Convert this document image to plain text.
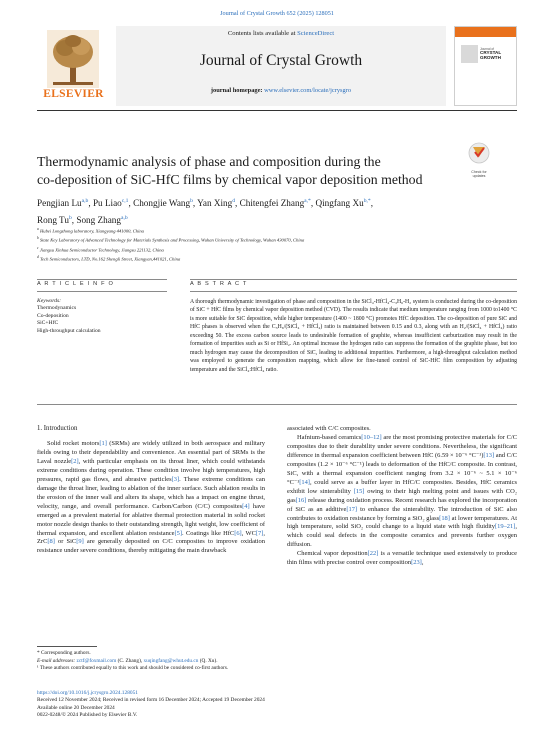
Journal of Crystal Growth 652 (2025) 128051
ELSEVIER
Contents lists available at ScienceDirect
Journal of Crystal Growth
journal homepage: www.elsevier.com/locate/jcrysgro
Journal of
CRYSTAL
GROWTH
Thermodynamic analysis of phase and composition during the
co-deposition of SiC-HfC films by chemical vapor deposition method	Check for
updates
Pengjian Lu$^{a,b}$, Pu Liao$^{c,1}$, Chongjie Wang$^b$, Yan Xing$^d$, Chitengfei Zhang$^{a,*}$, Qingfang $Xu^{b,*}$,
Rong Tu$^b$, Song Zhang$^{a,b}$
$^a$ Hubei Longzhong laboratory, Xiangyang 441000, China
$^b$ State Key Laboratory of Advanced Technology for Materials Synthesis and Processing, Wuhan University of Technology, Wuhan 430070, China
$^c$ Jiangsu Xinhua Semiconductor Technology, Jiangsu 221132, China
$^d$ Tech Semiconductors, LTD, No.162 Shengli Street, Xiangyan,441021, China
A R T I C L E I N F O	A B S T R A C T
Keywords:
Thermodynamics
Co-deposition
SiC+HfC
High-throughput calculation
A thorough thermodynamic investigation of phase and composition in the SiCl₄-HfCl₄-C₃H₆-H₂ system is conducted during the co-deposition of SiC + HfC films by chemical vapor deposition method (CVD). The results indicate that medium temperature ranging from 1000 to1400 °C is more suitable for SiC deposition, while higher temperature (1400 ~ 1800 °C) promotes HfC deposition. The co-deposition of pure SiC and HfC phases is observed when the C₃H₆/(SiCl₄ + HfCl₄) ratio is maintained between 0.15 and 0.3, along with an H₂/(SiCl₄ + HfCl₄) ratio exceeding 50. The excess carbon source leads to undesirable formation of graphite, whereas insufficient carburization may result in the formation of impurities such as Si or HfSi₂. An optimal increase the hydrogen ratio can suppress the formation of the graphite phase, but too much hydrogen may cause the decomposition of SiC, leading to additional impurities. Furthermore, a high-throughput calculation method was employed to generate the composition mapping, which allow for fine-tuned control of SiC-HfC film composition by adjusting temperature and the SiCl₄:HfCl₄ ratio.
1. Introduction

Solid rocket motors[1] (SRMs) are widely utilized in both aerospace and military fields owing to their dependability and convenience. An essential part of SRMs is the Laval nozzle[2], with particular emphasis on its throat liner, which could withstands extreme conditions during operation. These condition involve high temperatures, high pressures, rapid gas flows, and abrasive particles[3]. These extreme conditions can damage the throat liner, leading to ablation of the inner surface. Such ablation results in the erosion of the inner wall and alters its shape, which has a impact on engine thrust, velocity, range, and overall performance. Carbon/Carbon (C/C) composites[4] have emerged as a prevalent material for ablative thermal protection material in solid rocket motor nozzle design thanks to their outstanding strength, light weight, low coefficient of thermal expansion, and excellent ablation resistance[5]. Coatings like HfC[6], WC[7], ZrC[8] or SiC[9] are generally deposited on C/C composites to improve oxidation resistance under severe conditions, thereby mitigating the main drawback

associated with C/C composites.

Hafnium-based ceramics[10–12] are the most promising protective materials for C/C composites due to their durability under severe conditions. Nevertheless, the significant difference in thermal expansion coefficient between HfC (6.59 × 10⁻⁶ °C⁻¹)[13] and C/C composites (1.2 × 10⁻⁶ °C⁻¹) leads to deformation of the HfC/C composite. In contrast, SiC, with a thermal expansion coefficient ranging from 3.2 × 10⁻⁶ ~ 5.1 × 10⁻⁶ °C⁻¹[14], could serve as a buffer layer in HfC/C composites. Besides, HfC ceramics exhibit low sinterability [15] owing to their high melting point and issues with CO₂ gas[16] release during oxidation process. Recent research has explored the incorporation of SiC as an additive[17] to enhance the sinterability. The introduction of SiC also contributes to oxidation resistance by forming a SiO₂ glass[18] at lower temperatures. At high temperature, solid SiO₂ could change to a liquid state with high fluidity[19–21], which could seal defects in the composite ceramics and prevents further oxygen diffusion.

Chemical vapor deposition[22] is a versatile technique used extensively to produce thin films with precise control over composition[23],

* Corresponding authors.
E-mail addresses: zctf@foxmail.com (C. Zhang), xuqingfang@whut.edu.cn (Q. Xu).
¹ These authors contributed equally to this work and should be considered co-first authors.
https://doi.org/10.1016/j.jcrysgro.2024.128051
Received 12 November 2024; Received in revised form 16 December 2024; Accepted 19 December 2024
Available online 20 December 2024
0022-0248/© 2024 Published by Elsevier B.V.
